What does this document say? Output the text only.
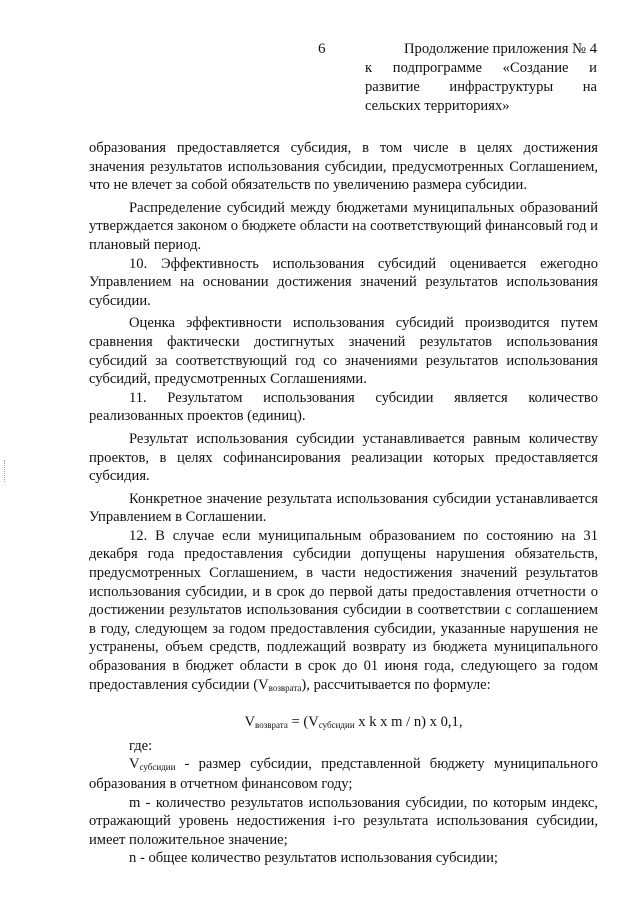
6	Продолжение приложения № 4
к подпрограмме «Создание и
развитие инфраструктуры на
сельских территориях»

образования предоставляется субсидия, в том числе в целях достижения значения результатов использования субсидии, предусмотренных Соглашением, что не влечет за собой обязательств по увеличению размера субсидии.

Распределение субсидий между бюджетами муниципальных образований утверждается законом о бюджете области на соответствующий финансовый год и плановый период.

10. Эффективность использования субсидий оценивается ежегодно Управлением на основании достижения значений результатов использования субсидии.

Оценка эффективности использования субсидий производится путем сравнения фактически достигнутых значений результатов использования субсидий за соответствующий год со значениями результатов использования субсидий, предусмотренных Соглашениями.

11. Результатом использования субсидии является количество реализованных проектов (единиц).

Результат использования субсидии устанавливается равным количеству проектов, в целях софинансирования реализации которых предоставляется субсидия.

Конкретное значение результата использования субсидии устанавливается Управлением в Соглашении.

12. В случае если муниципальным образованием по состоянию на 31 декабря года предоставления субсидии допущены нарушения обязательств, предусмотренных Соглашением, в части недостижения значений результатов использования субсидии, и в срок до первой даты предоставления отчетности о достижении результатов использования субсидии в соответствии с соглашением в году, следующем за годом предоставления субсидии, указанные нарушения не устранены, объем средств, подлежащий возврату из бюджета муниципального образования в бюджет области в срок до 01 июня года, следующего за годом предоставления субсидии $(V_{возврата})$, рассчитывается по формуле:

$V_{возврата} = (V_{субсидии}$ x k x m / n) x 0,1,

где:

$V_{субсидии}$ - размер субсидии, представленной бюджету муниципального образования в отчетном финансовом году;

m - количество результатов использования субсидии, по которым индекс, отражающий уровень недостижения i-го результата использования субсидии, имеет положительное значение;

n - общее количество результатов использования субсидии;
